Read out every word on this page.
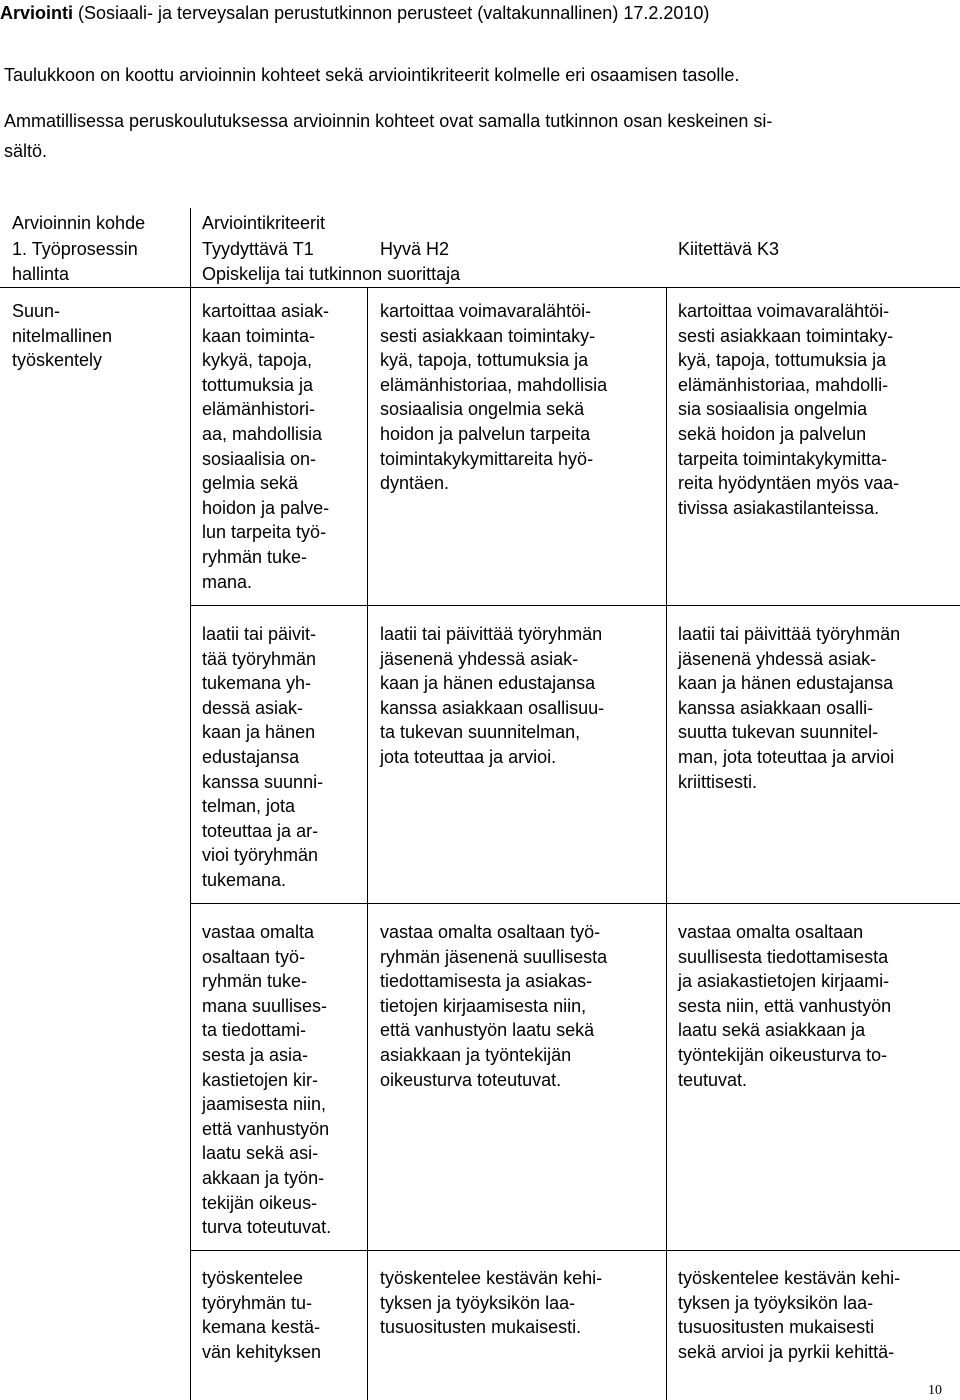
Arviointi (Sosiaali- ja terveysalan perustutkinnon perusteet (valtakunnallinen) 17.2.2010)

Taulukkoon on koottu arvioinnin kohteet sekä arviointikriteerit kolmelle eri osaamisen tasolle.

Ammatillisessa peruskoulutuksessa arvioinnin kohteet ovat samalla tutkinnon osan keskeinen si-
sältö.

Arvioinnin kohde
1. Työprosessin
hallinta
Arviointikriteerit
Tyydyttävä T1	Hyvä H2	Kiitettävä K3
Opiskelija tai tutkinnon suorittaja
Suun-
nitelmallinen
työskentely
kartoittaa asiak-
kaan toiminta-
kykyä, tapoja,
tottumuksia ja
elämänhistori-
aa, mahdollisia
sosiaalisia on-
gelmia sekä
hoidon ja palve-
lun tarpeita työ-
ryhmän tuke-
mana.
kartoittaa voimavaralähtöi-
sesti asiakkaan toimintaky-
kyä, tapoja, tottumuksia ja
elämänhistoriaa, mahdollisia
sosiaalisia ongelmia sekä
hoidon ja palvelun tarpeita
toimintakykymittareita hyö-
dyntäen.
kartoittaa voimavaralähtöi-
sesti asiakkaan toimintaky-
kyä, tapoja, tottumuksia ja
elämänhistoriaa, mahdolli-
sia sosiaalisia ongelmia
sekä hoidon ja palvelun
tarpeita toimintakykymitta-
reita hyödyntäen myös vaa-
tivissa asiakastilanteissa.
laatii tai päivit-
tää työryhmän
tukemana yh-
dessä asiak-
kaan ja hänen
edustajansa
kanssa suunni-
telman, jota
toteuttaa ja ar-
vioi työryhmän
tukemana.
laatii tai päivittää työryhmän
jäsenenä yhdessä asiak-
kaan ja hänen edustajansa
kanssa asiakkaan osallisuu-
ta tukevan suunnitelman,
jota toteuttaa ja arvioi.
laatii tai päivittää työryhmän
jäsenenä yhdessä asiak-
kaan ja hänen edustajansa
kanssa asiakkaan osalli-
suutta tukevan suunnitel-
man, jota toteuttaa ja arvioi
kriittisesti.
vastaa omalta
osaltaan työ-
ryhmän tuke-
mana suullises-
ta tiedottami-
sesta ja asia-
kastietojen kir-
jaamisesta niin,
että vanhustyön
laatu sekä asi-
akkaan ja työn-
tekijän oikeus-
turva toteutuvat.
vastaa omalta osaltaan työ-
ryhmän jäsenenä suullisesta
tiedottamisesta ja asiakas-
tietojen kirjaamisesta niin,
että vanhustyön laatu sekä
asiakkaan ja työntekijän
oikeusturva toteutuvat.
vastaa omalta osaltaan
suullisesta tiedottamisesta
ja asiakastietojen kirjaami-
sesta niin, että vanhustyön
laatu sekä asiakkaan ja
työntekijän oikeusturva to-
teutuvat.
työskentelee
työryhmän tu-
kemana kestä-
vän kehityksen
työskentelee kestävän kehi-
tyksen ja työyksikön laa-
tusuositusten mukaisesti.
työskentelee kestävän kehi-
tyksen ja työyksikön laa-
tusuositusten mukaisesti
sekä arvioi ja pyrkii kehittä-
10
